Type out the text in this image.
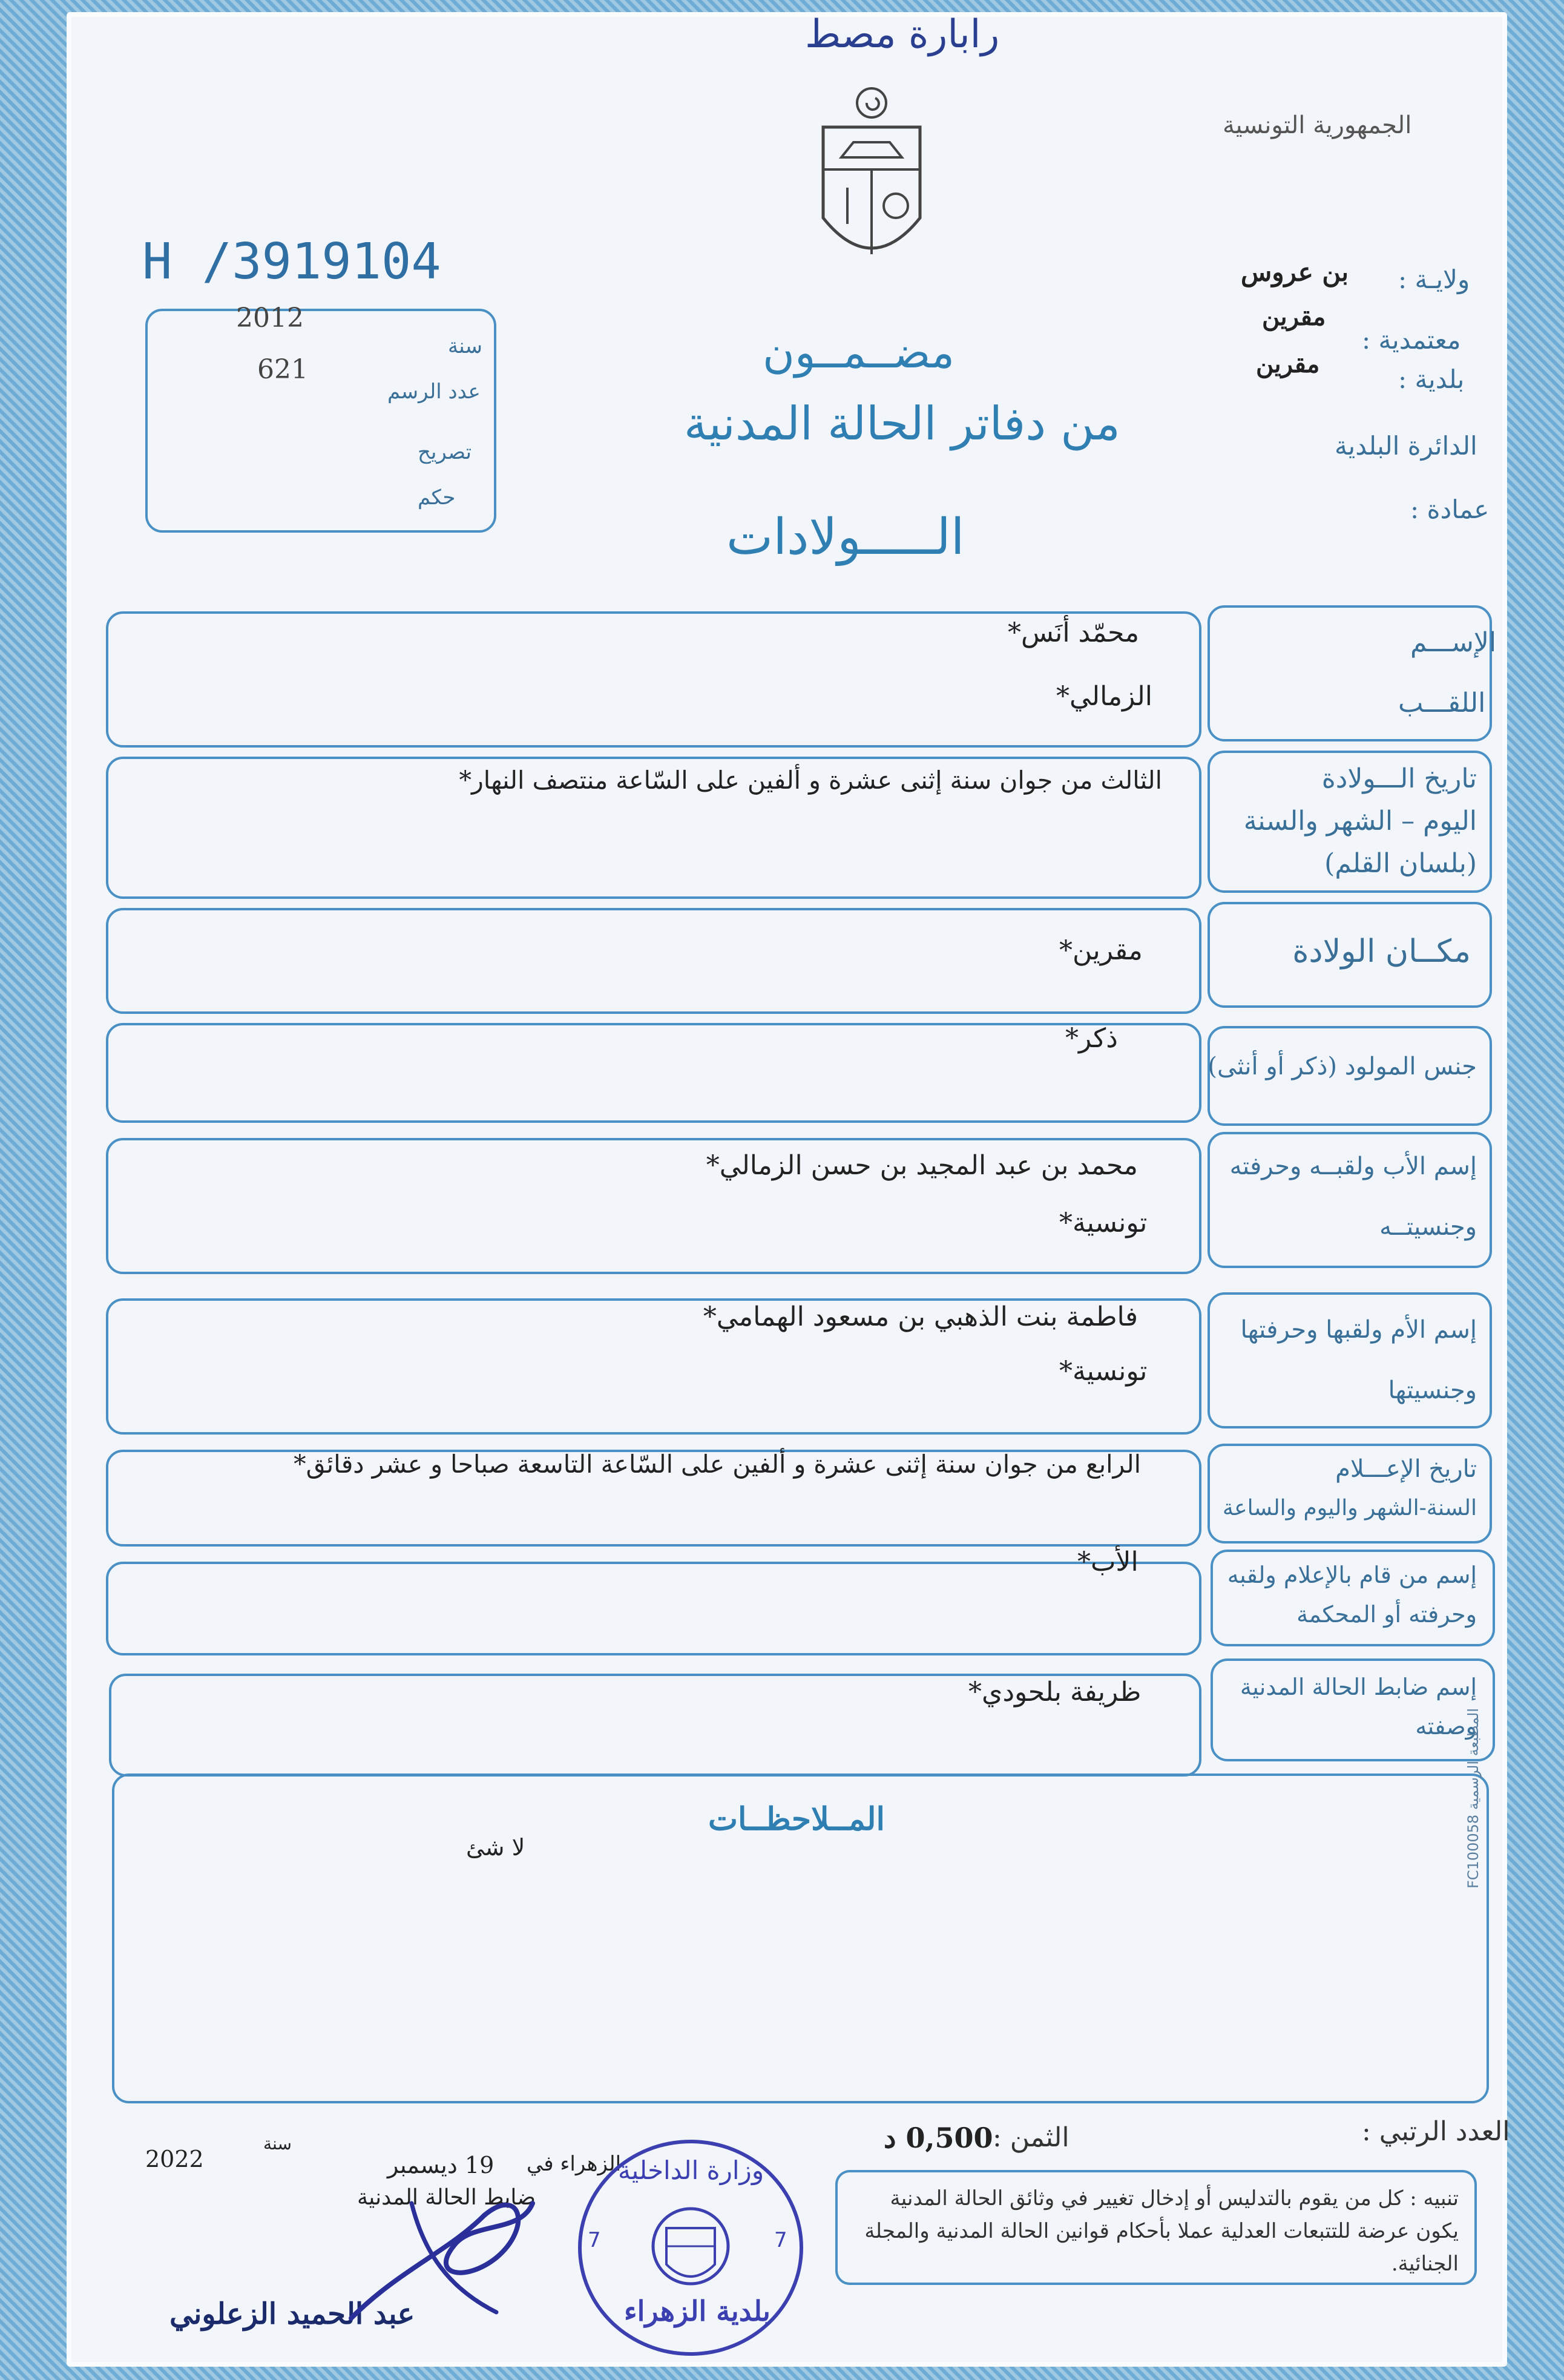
رابارة مصط
الجمهورية التونسية
H /3919104
سنة
2012
عدد الرسم
621
تصريح
حكم
ولايـة :
بن عروس
معتمدية :
مقرين
بلدية :
مقرين
الدائرة البلدية
عمادة :
مضــمــون
من دفاتر الحالة المدنية
الـــــولادات
الإســـم
اللقـــب
محمّد أنَس*
الزمالي*
تاريخ الـــولادة
اليوم – الشهر والسنة
(بلسان القلم)
الثالث من جوان سنة إثنى عشرة و ألفين على السّاعة منتصف النهار*
مكــان الولادة
مقرين*
جنس المولود (ذكر أو أنثى)
ذكر*
إسم الأب ولقبــه وحرفته
وجنسيتــه
محمد بن عبد المجيد بن حسن الزمالي*
تونسية*
إسم الأم ولقبها وحرفتها
وجنسيتها
فاطمة بنت الذهبي بن مسعود الهمامي*
تونسية*
تاريخ الإعـــلام
السنة-الشهر واليوم والساعة
الرابع من جوان سنة إثنى عشرة و ألفين على السّاعة التاسعة صباحا و عشر دقائق*
إسم من قام بالإعلام ولقبه
وحرفته أو المحكمة
الأب*
إسم ضابط الحالة المدنية
وصفته
ظريفة بلحودي*
المــلاحظــات
لا شئ	المطبعة الرسمية FC100058
العدد الرتبي :
الثمن :
0,500 د
الزهراء في
19 ديسمبر
سنة
2022
ضابط الحالة المدنية
عبد الحميد الزعلوني
وزارة الداخلية
بلدية الزهراء
7	7
تنبيه : كل من يقوم بالتدليس أو إدخال تغيير في وثائق الحالة المدنية يكون عرضة للتتبعات العدلية عملا بأحكام قوانين الحالة المدنية والمجلة الجنائية.
